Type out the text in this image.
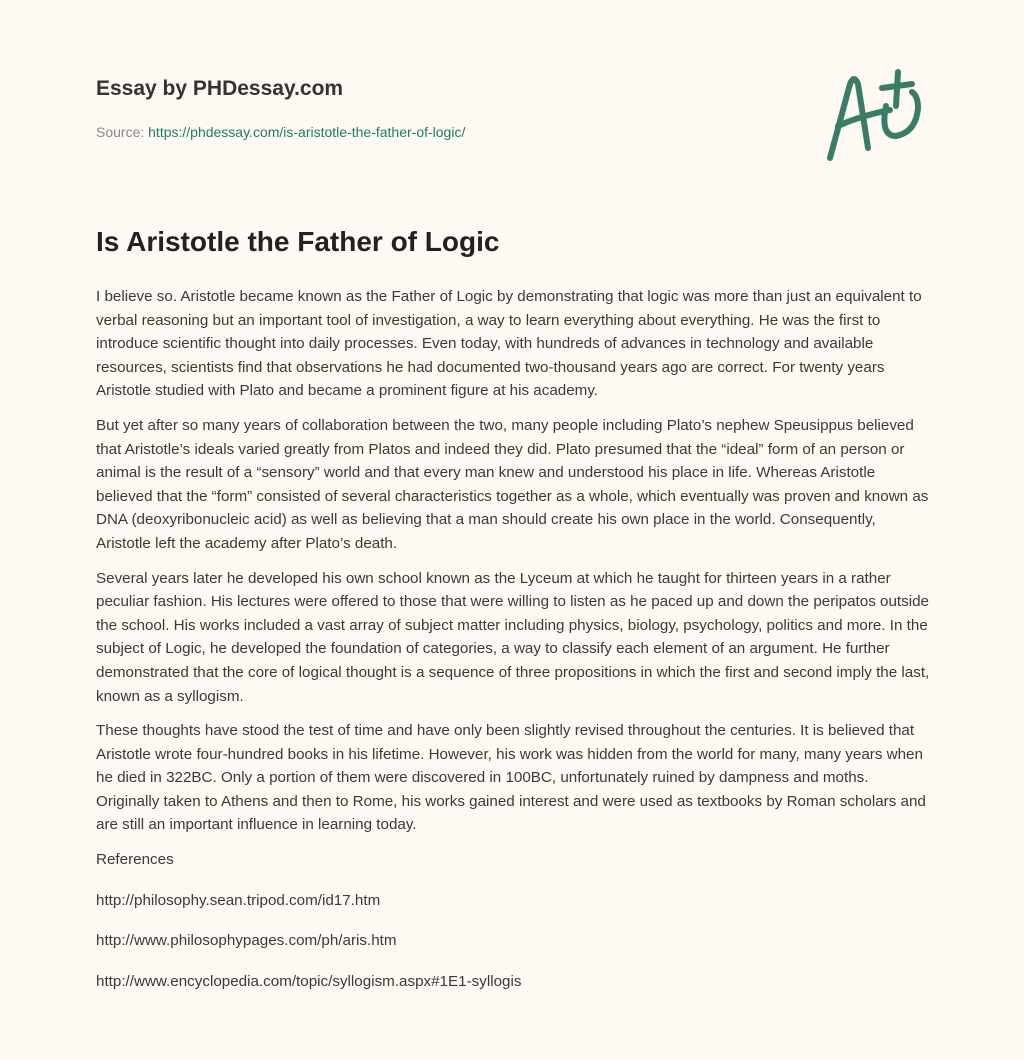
Essay by PHDessay.com
Source: https://phdessay.com/is-aristotle-the-father-of-logic/
Is Aristotle the Father of Logic

I believe so. Aristotle became known as the Father of Logic by demonstrating that logic was more than just an equivalent to verbal reasoning but an important tool of investigation, a way to learn everything about everything. He was the first to introduce scientific thought into daily processes. Even today, with hundreds of advances in technology and available resources, scientists find that observations he had documented two-thousand years ago are correct. For twenty years Aristotle studied with Plato and became a prominent figure at his academy.

But yet after so many years of collaboration between the two, many people including Plato’s nephew Speusippus believed that Aristotle’s ideals varied greatly from Platos and indeed they did. Plato presumed that the “ideal” form of an person or animal is the result of a “sensory” world and that every man knew and understood his place in life. Whereas Aristotle believed that the “form” consisted of several characteristics together as a whole, which eventually was proven and known as DNA (deoxyribonucleic acid) as well as believing that a man should create his own place in the world. Consequently, Aristotle left the academy after Plato’s death.

Several years later he developed his own school known as the Lyceum at which he taught for thirteen years in a rather peculiar fashion. His lectures were offered to those that were willing to listen as he paced up and down the peripatos outside the school. His works included a vast array of subject matter including physics, biology, psychology, politics and more. In the subject of Logic, he developed the foundation of categories, a way to classify each element of an argument. He further demonstrated that the core of logical thought is a sequence of three propositions in which the first and second imply the last, known as a syllogism.

These thoughts have stood the test of time and have only been slightly revised throughout the centuries. It is believed that Aristotle wrote four-hundred books in his lifetime. However, his work was hidden from the world for many, many years when he died in 322BC. Only a portion of them were discovered in 100BC, unfortunately ruined by dampness and moths. Originally taken to Athens and then to Rome, his works gained interest and were used as textbooks by Roman scholars and are still an important influence in learning today.

References

http://philosophy.sean.tripod.com/id17.htm

http://www.philosophypages.com/ph/aris.htm

http://www.encyclopedia.com/topic/syllogism.aspx#1E1-syllogis
